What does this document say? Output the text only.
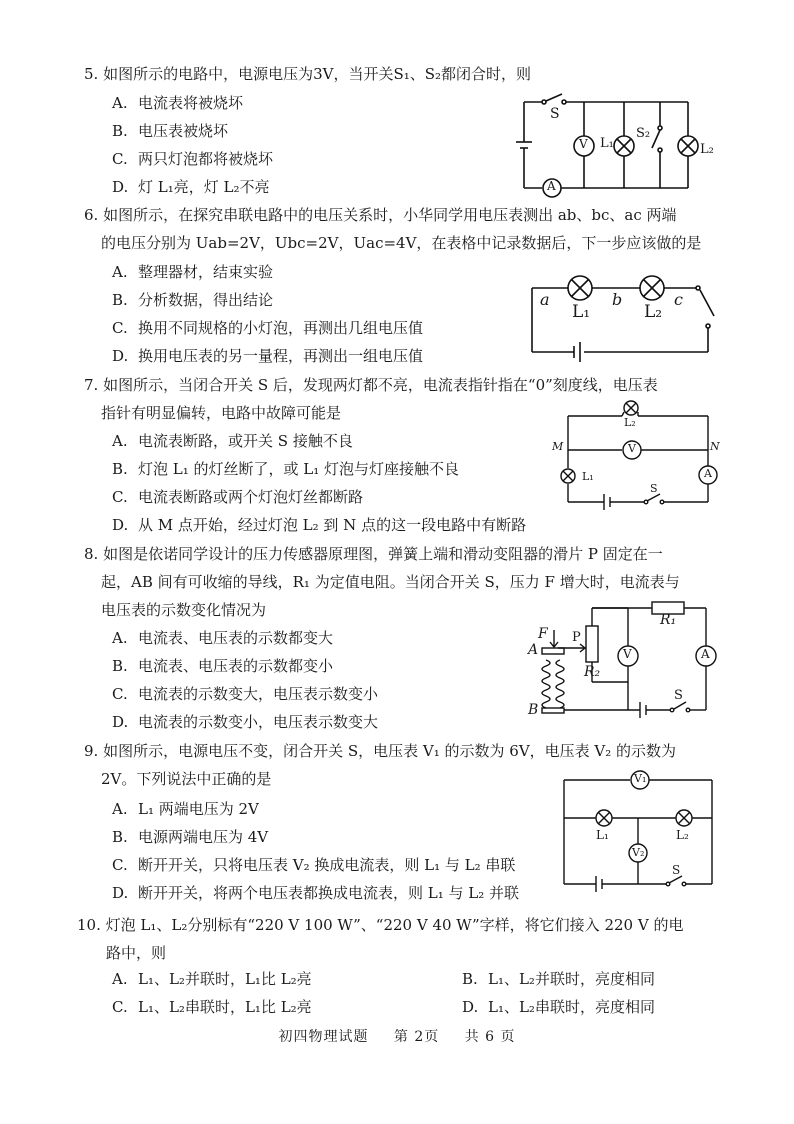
5. 如图所示的电路中，电源电压为3V，当开关S₁、S₂都闭合时，则
A. 电流表将被烧坏
B. 电压表被烧坏
C. 两只灯泡都将被烧坏
D. 灯 L₁亮，灯 L₂不亮
S
L₁
S₂
L₂
V
A
6. 如图所示，在探究串联电路中的电压关系时，小华同学用电压表测出 ab、bc、ac 两端
的电压分别为 Uab=2V，Ubc=2V，Uac=4V，在表格中记录数据后，下一步应该做的是
A. 整理器材，结束实验
B. 分析数据，得出结论
C. 换用不同规格的小灯泡，再测出几组电压值
D. 换用电压表的另一量程，再测出一组电压值
a	b	c
L₁	L₂
7. 如图所示，当闭合开关 S 后，发现两灯都不亮，电流表指针指在“0”刻度线，电压表
指针有明显偏转，电路中故障可能是
A. 电流表断路，或开关 S 接触不良
B. 灯泡 L₁ 的灯丝断了，或 L₁ 灯泡与灯座接触不良
C. 电流表断路或两个灯泡灯丝都断路
D. 从 M 点开始，经过灯泡 L₂ 到 N 点的这一段电路中有断路
L₂
M	N
V
L₁	A
S
8. 如图是依诺同学设计的压力传感器原理图，弹簧上端和滑动变阻器的滑片 P 固定在一
起，AB 间有可收缩的导线，R₁ 为定值电阻。当闭合开关 S，压力 F 增大时，电流表与
电压表的示数变化情况为
A. 电流表、电压表的示数都变大
B. 电流表、电压表的示数都变小
C. 电流表的示数变大，电压表示数变小
D. 电流表的示数变小，电压表示数变大
F P
R₁
A
R₂
V
A
B
S
9. 如图所示，电源电压不变，闭合开关 S，电压表 V₁ 的示数为 6V，电压表 V₂ 的示数为
2V。下列说法中正确的是
A. L₁ 两端电压为 2V
B. 电源两端电压为 4V
C. 断开开关，只将电压表 V₂ 换成电流表，则 L₁ 与 L₂ 串联
D. 断开开关，将两个电压表都换成电流表，则 L₁ 与 L₂ 并联
V₁
L₁	L₂
V₂
S
10. 灯泡 L₁、L₂分别标有“220 V 100 W”、“220 V 40 W”字样，将它们接入 220 V 的电
路中，则
A. L₁、L₂并联时，L₁比 L₂亮	B. L₁、L₂并联时，亮度相同
C. L₁、L₂串联时，L₁比 L₂亮	D. L₁、L₂串联时，亮度相同
初四物理试题 第 2页 共 6 页
